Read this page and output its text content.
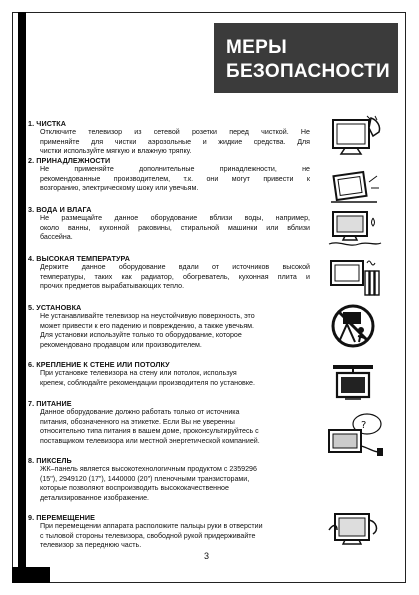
МЕРЫ
БЕЗОПАСНОСТИ
1. ЧИСТКА
Отключите телевизор из сетевой розетки перед чисткой. Не
применяйте для чистки аэрозольные и жидкие средства. Для
чистки используйте мягкую и влажную тряпку.
2. ПРИНАДЛЕЖНОСТИ
Не применяйте дополнительные принадлежности, не
рекомендованные производителем, т.к. они могут привести к
возгоранию, электрическому шоку или увечьям.
3. ВОДА И ВЛАГА
Не размещайте данное оборудование вблизи воды, например,
около ванны, кухонной раковины, стиральной машинки или вблизи
бассейна.
4. ВЫСОКАЯ ТЕМПЕРАТУРА
Держите данное оборудование вдали от источников высокой
температуры, таких как радиатор, обогреватель, кухонная плита и
прочих предметов вырабатывающих тепло.
5. УСТАНОВКА
Не устанавливайте телевизор на неустойчивую поверхность, это
может привести к его падению и повреждению, а также увечьям.
Для установки используйте только то оборудование, которое
рекомендовано продавцом или производителем.
6. КРЕПЛЕНИЕ К СТЕНЕ ИЛИ ПОТОЛКУ
При установке телевизора на стену или потолок, используя
крепеж, соблюдайте рекомендации производителя по установке.
7. ПИТАНИЕ
Данное оборудование должно работать только от источника
питания, обозначенного на этикетке. Если Вы не уверенны
относительно типа питания в вашем доме, проконсультируйтесь с
поставщиком телевизора или местной энергетической компанией.
8. ПИКСЕЛЬ
ЖК–панель является высокотехнологичным продуктом с 2359296
(15"), 2949120 (17"), 1440000 (20") пленочными транзисторами,
которые позволяют воспроизводить высококачественное
детализированное изображение.
9. ПЕРЕМЕЩЕНИЕ
При перемещении аппарата расположите пальцы руки в отверстии
с тыловой стороны телевизора, свободной рукой придерживайте
телевизор за переднюю часть.
?
3
